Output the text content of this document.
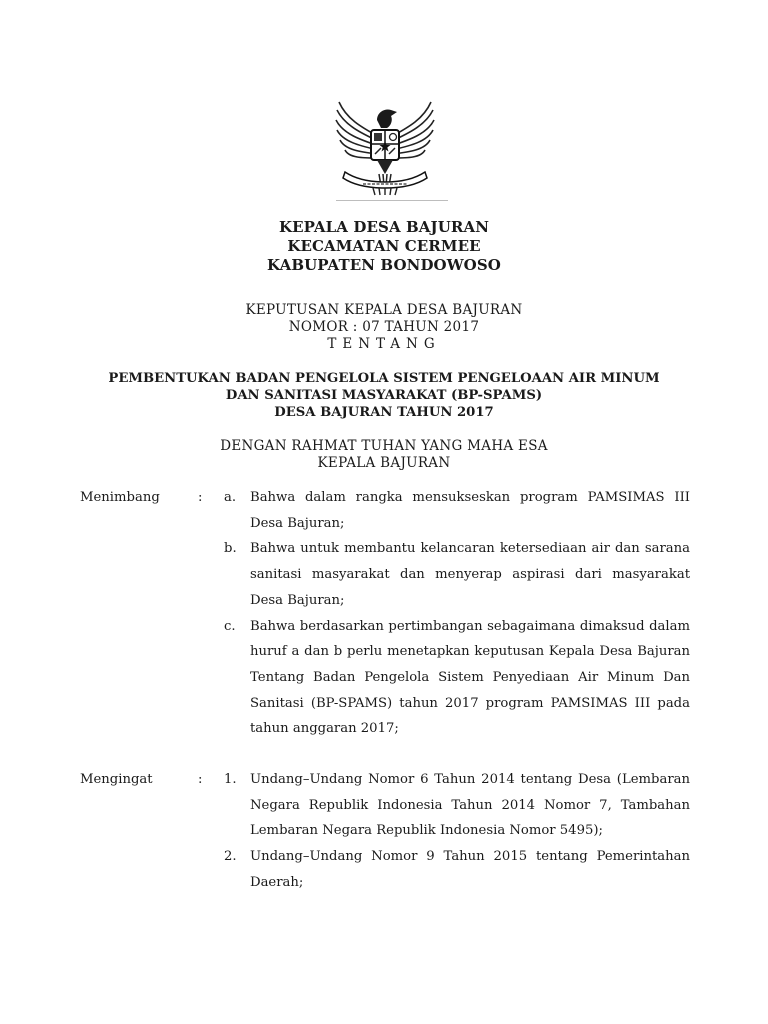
KEPALA DESA BAJURAN
KECAMATAN CERMEE
KABUPATEN BONDOWOSO
KEPUTUSAN KEPALA DESA BAJURAN
NOMOR : 07 TAHUN 2017
TENTANG
PEMBENTUKAN BADAN PENGELOLA SISTEM PENGELOAAN AIR MINUM
DAN SANITASI MASYARAKAT (BP-SPAMS)
DESA BAJURAN TAHUN 2017
DENGAN RAHMAT TUHAN YANG MAHA ESA
KEPALA BAJURAN
Menimbang	: a. Bahwa dalam rangka mensukseskan program PAMSIMAS III Desa Bajuran;
b. Bahwa untuk membantu kelancaran ketersediaan air dan sarana sanitasi masyarakat dan menyerap aspirasi dari masyarakat Desa Bajuran;
c. Bahwa berdasarkan pertimbangan sebagaimana dimaksud dalam huruf a dan b perlu menetapkan keputusan Kepala Desa Bajuran Tentang Badan Pengelola Sistem Penyediaan Air Minum Dan Sanitasi (BP-SPAMS) tahun 2017 program PAMSIMAS III pada tahun anggaran 2017;
Mengingat	: 1. Undang–Undang Nomor 6 Tahun 2014 tentang Desa (Lembaran Negara Republik Indonesia Tahun 2014 Nomor 7, Tambahan Lembaran Negara Republik Indonesia Nomor 5495);
2. Undang–Undang Nomor 9 Tahun 2015 tentang Pemerintahan Daerah;
